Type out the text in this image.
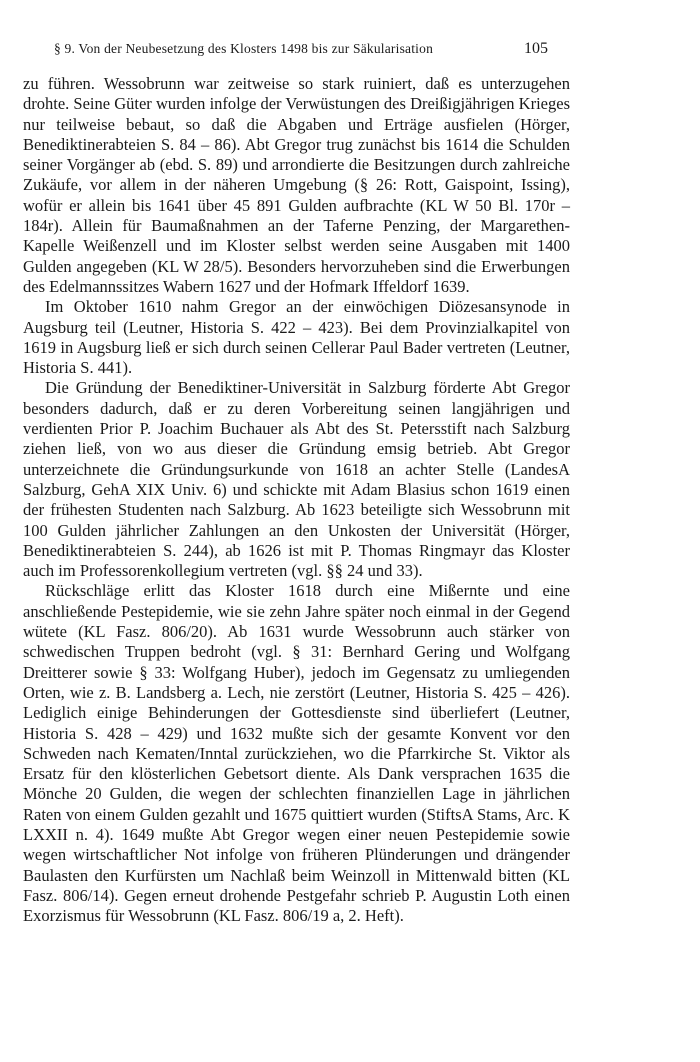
§ 9. Von der Neubesetzung des Klosters 1498 bis zur Säkularisation	105

zu führen. Wessobrunn war zeitweise so stark ruiniert, daß es unterzugehen drohte. Seine Güter wurden infolge der Verwüstungen des Dreißigjährigen Krieges nur teilweise bebaut, so daß die Abgaben und Erträge ausfielen (Hörger, Benediktinerabteien S. 84 – 86). Abt Gregor trug zunächst bis 1614 die Schulden seiner Vorgänger ab (ebd. S. 89) und arrondierte die Besitzungen durch zahlreiche Zukäufe, vor allem in der näheren Umgebung (§ 26: Rott, Gaispoint, Issing), wofür er allein bis 1641 über 45 891 Gulden aufbrachte (KL W 50 Bl. 170r – 184r). Allein für Baumaßnahmen an der Taferne Penzing, der Margarethen-Kapelle Weißenzell und im Kloster selbst werden seine Ausgaben mit 1400 Gulden angegeben (KL W 28/5). Besonders hervorzuheben sind die Erwerbungen des Edelmannssitzes Wabern 1627 und der Hofmark Iffeldorf 1639.

Im Oktober 1610 nahm Gregor an der einwöchigen Diözesansynode in Augsburg teil (Leutner, Historia S. 422 – 423). Bei dem Provinzialkapitel von 1619 in Augsburg ließ er sich durch seinen Cellerar Paul Bader vertreten (Leutner, Historia S. 441).

Die Gründung der Benediktiner-Universität in Salzburg förderte Abt Gregor besonders dadurch, daß er zu deren Vorbereitung seinen langjährigen und verdienten Prior P. Joachim Buchauer als Abt des St. Petersstift nach Salzburg ziehen ließ, von wo aus dieser die Gründung emsig betrieb. Abt Gregor unterzeichnete die Gründungsurkunde von 1618 an achter Stelle (LandesA Salzburg, GehA XIX Univ. 6) und schickte mit Adam Blasius schon 1619 einen der frühesten Studenten nach Salzburg. Ab 1623 beteiligte sich Wessobrunn mit 100 Gulden jährlicher Zahlungen an den Unkosten der Universität (Hörger, Benediktinerabteien S. 244), ab 1626 ist mit P. Thomas Ringmayr das Kloster auch im Professorenkollegium vertreten (vgl. §§ 24 und 33).

Rückschläge erlitt das Kloster 1618 durch eine Mißernte und eine anschließende Pestepidemie, wie sie zehn Jahre später noch einmal in der Gegend wütete (KL Fasz. 806/20). Ab 1631 wurde Wessobrunn auch stärker von schwedischen Truppen bedroht (vgl. § 31: Bernhard Gering und Wolfgang Dreitterer sowie § 33: Wolfgang Huber), jedoch im Gegensatz zu umliegenden Orten, wie z. B. Landsberg a. Lech, nie zerstört (Leutner, Historia S. 425 – 426). Lediglich einige Behinderungen der Gottesdienste sind überliefert (Leutner, Historia S. 428 – 429) und 1632 mußte sich der gesamte Konvent vor den Schweden nach Kematen/Inntal zurückziehen, wo die Pfarrkirche St. Viktor als Ersatz für den klösterlichen Gebetsort diente. Als Dank versprachen 1635 die Mönche 20 Gulden, die wegen der schlechten finanziellen Lage in jährlichen Raten von einem Gulden gezahlt und 1675 quittiert wurden (StiftsA Stams, Arc. K LXXII n. 4). 1649 mußte Abt Gregor wegen einer neuen Pestepidemie sowie wegen wirtschaftlicher Not infolge von früheren Plünderungen und drängender Baulasten den Kurfürsten um Nachlaß beim Weinzoll in Mittenwald bitten (KL Fasz. 806/14). Gegen erneut drohende Pestgefahr schrieb P. Augustin Loth einen Exorzismus für Wessobrunn (KL Fasz. 806/19 a, 2. Heft).
